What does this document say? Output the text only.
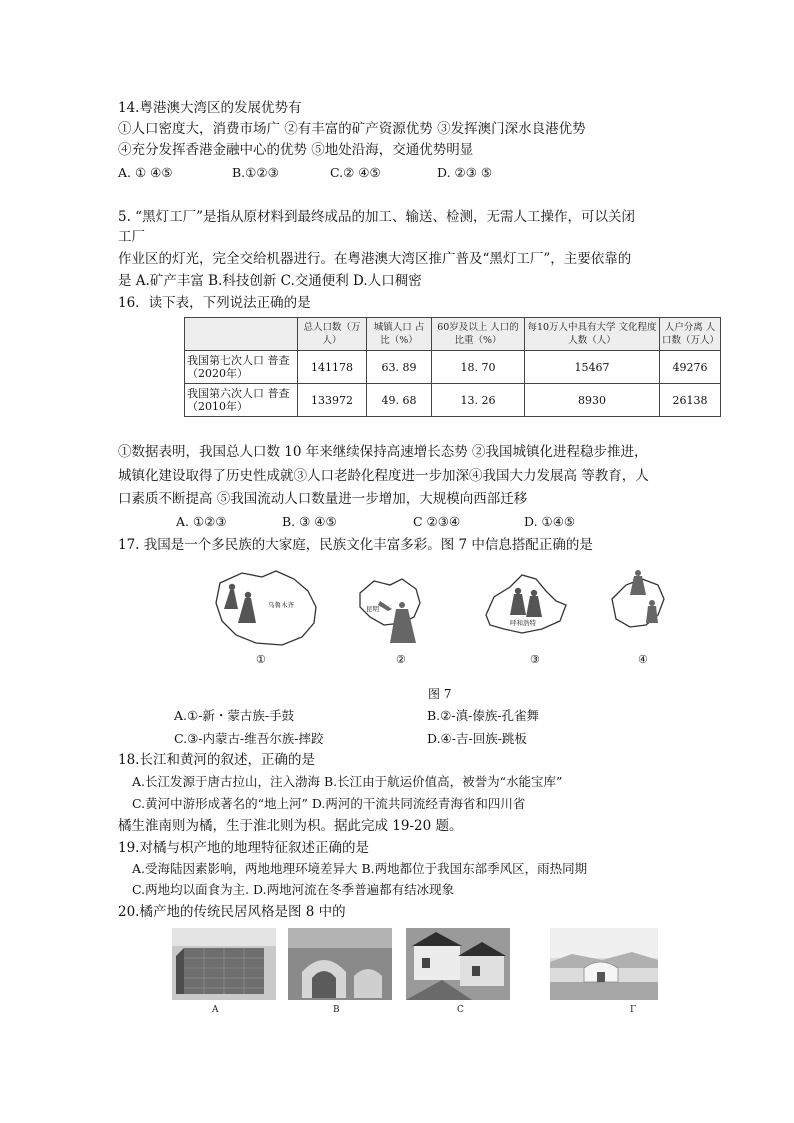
14.粤港澳大湾区的发展优势有
①人口密度大，消费市场广 ②有丰富的矿产资源优势 ③发挥澳门深水良港优势
④充分发挥香港金融中心的优势 ⑤地处沿海，交通优势明显
A. ① ④⑤	B.①②③	C.② ④⑤	D. ②③ ⑤
5. “黑灯工厂”是指从原材料到最终成品的加工、输送、检测，无需人工操作，可以关闭
工厂
作业区的灯光，完全交给机器进行。在粤港澳大湾区推广普及“黑灯工厂”，主要依靠的
是 A.矿产丰富 B.科技创新 C.交通便利 D.人口稠密
16．读下表，下列说法正确的是
	总人口数（万人）	城镇人口 占比（%）	60岁及以上 人口的比重（%）	每10万人中具有大学 文化程度人数（人）	人户分离 人口数（万人）
我国第七次人口 普查（2020年）	141178	63. 89	18. 70	15467	49276
我国第六次人口 普查（2010年）	133972	49. 68	13. 26	8930	26138
①数据表明，我国总人口数 10 年来继续保持高速增长态势 ②我国城镇化进程稳步推进，
城镇化建设取得了历史性成就③人口老龄化程度进一步加深④我国大力发展高 等教育，人
口素质不断提高 ⑤我国流动人口数量进一步增加，大规模向西部迁移
A. ①②③	B. ③ ④⑤	C ②③④	D. ①④⑤
17. 我国是一个多民族的大家庭，民族文化丰富多彩。图 7 中信息搭配正确的是
乌鲁木齐
①
昆明
②
呼和浩特
③	④
图 7
A.①-新・蒙古族-手鼓	B.②-滇-傣族-孔雀舞
C.③-内蒙古-维吾尔族-摔跤	D.④-吉-回族-跳板
18.长江和黄河的叙述，正确的是
A.长江发源于唐古拉山，注入渤海 B.长江由于航运价值高，被誉为“水能宝库”
C.黄河中游形成著名的“地上河” D.两河的干流共同流经青海省和四川省
橘生淮南则为橘，生于淮北则为枳。据此完成 19-20 题。
19.对橘与枳产地的地理特征叙述正确的是
A.受海陆因素影响，两地地理环境差异大 B.两地都位于我国东部季风区，雨热同期
C.两地均以面食为主. D.两地河流在冬季普遍都有结冰现象
20.橘产地的传统民居风格是图 8 中的
A	B	C	Γ
